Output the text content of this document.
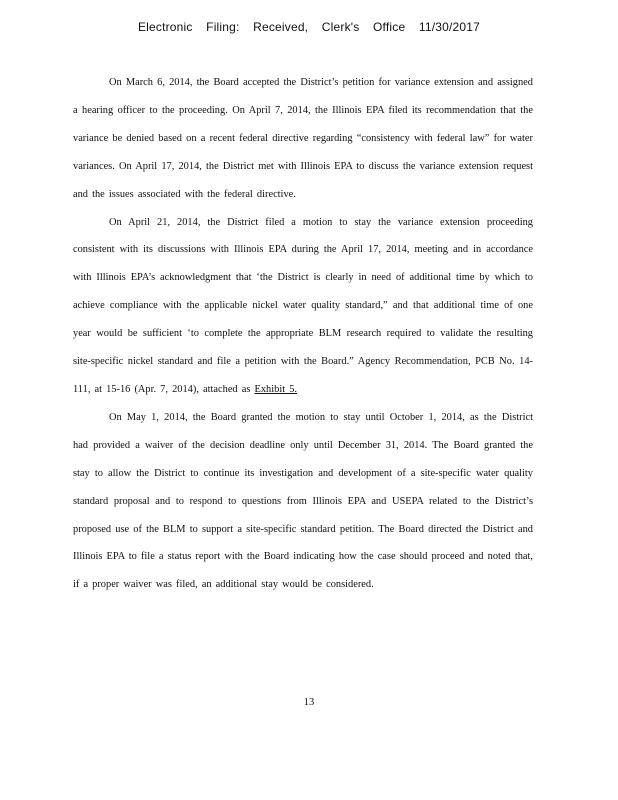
Electronic Filing: Received, Clerk's Office 11/30/2017

On March 6, 2014, the Board accepted the District’s petition for variance extension and assigned a hearing officer to the proceeding. On April 7, 2014, the Illinois EPA filed its recommendation that the variance be denied based on a recent federal directive regarding “consistency with federal law” for water variances. On April 17, 2014, the District met with Illinois EPA to discuss the variance extension request and the issues associated with the federal directive.

On April 21, 2014, the District filed a motion to stay the variance extension proceeding consistent with its discussions with Illinois EPA during the April 17, 2014, meeting and in accordance with Illinois EPA’s acknowledgment that ‘the District is clearly in need of additional time by which to achieve compliance with the applicable nickel water quality standard,” and that additional time of one year would be sufficient ‘to complete the appropriate BLM research required to validate the resulting site-specific nickel standard and file a petition with the Board.” Agency Recommendation, PCB No. 14-111, at 15-16 (Apr. 7, 2014), attached as Exhibit 5.

On May 1, 2014, the Board granted the motion to stay until October 1, 2014, as the District had provided a waiver of the decision deadline only until December 31, 2014. The Board granted the stay to allow the District to continue its investigation and development of a site-specific water quality standard proposal and to respond to questions from Illinois EPA and USEPA related to the District’s proposed use of the BLM to support a site-specific standard petition. The Board directed the District and Illinois EPA to file a status report with the Board indicating how the case should proceed and noted that, if a proper waiver was filed, an additional stay would be considered.

13
